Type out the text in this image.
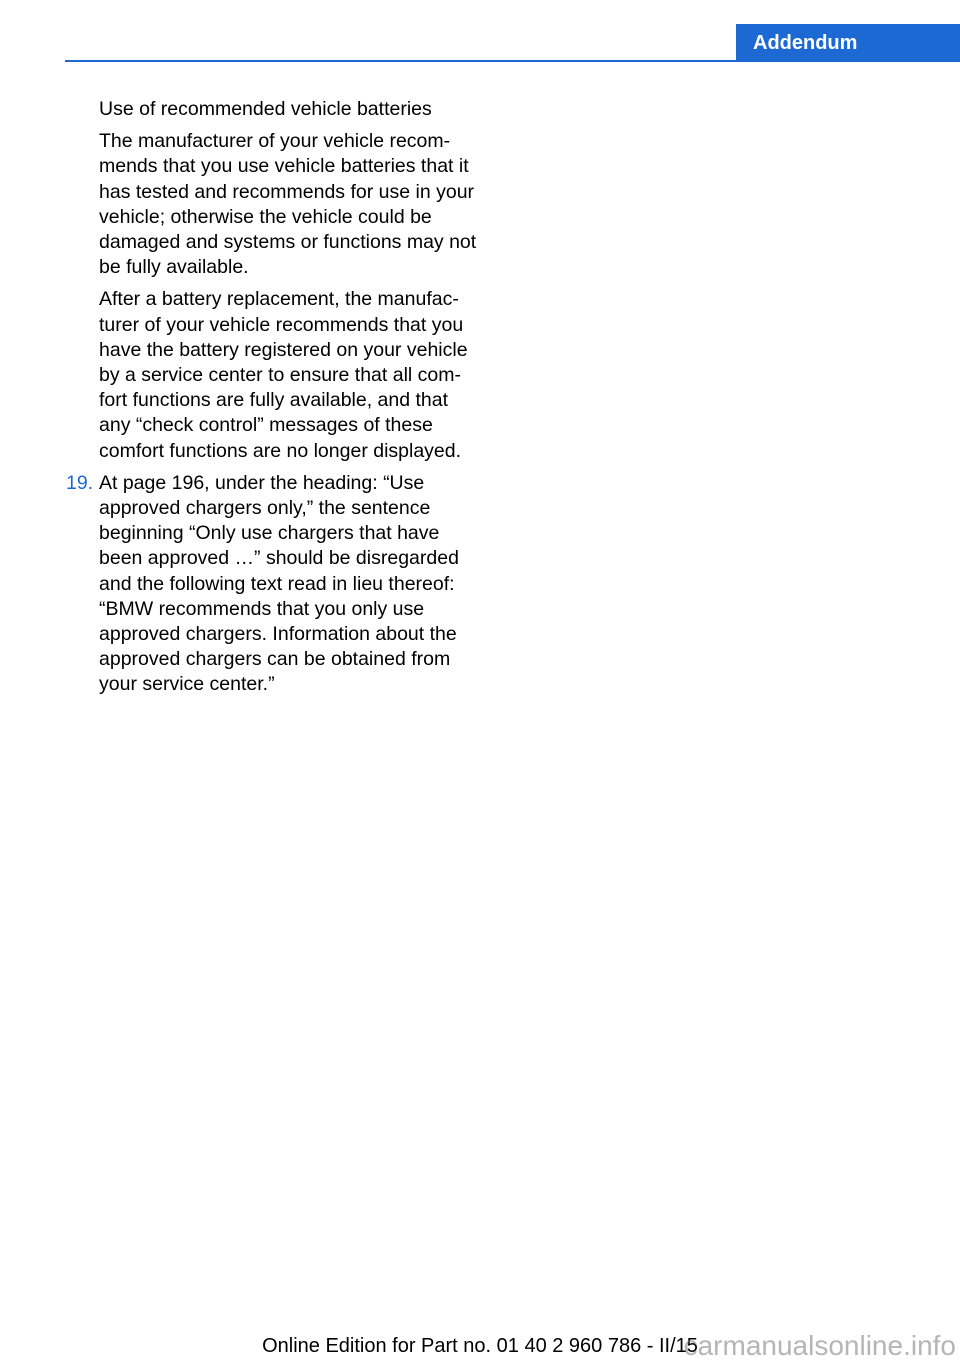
Addendum

Use of recommended vehicle batteries

The manufacturer of your vehicle recom-
mends that you use vehicle batteries that it
has tested and recommends for use in your
vehicle; otherwise the vehicle could be
damaged and systems or functions may not
be fully available.

After a battery replacement, the manufac-
turer of your vehicle recommends that you
have the battery registered on your vehicle
by a service center to ensure that all com-
fort functions are fully available, and that
any “check control” messages of these
comfort functions are no longer displayed.

19. At page 196, under the heading: “Use
approved chargers only,” the sentence
beginning “Only use chargers that have
been approved …” should be disregarded
and the following text read in lieu thereof:
“BMW recommends that you only use
approved chargers. Information about the
approved chargers can be obtained from
your service center.”

Online Edition for Part no. 01 40 2 960 786 - II/15
carmanualsonline.info
